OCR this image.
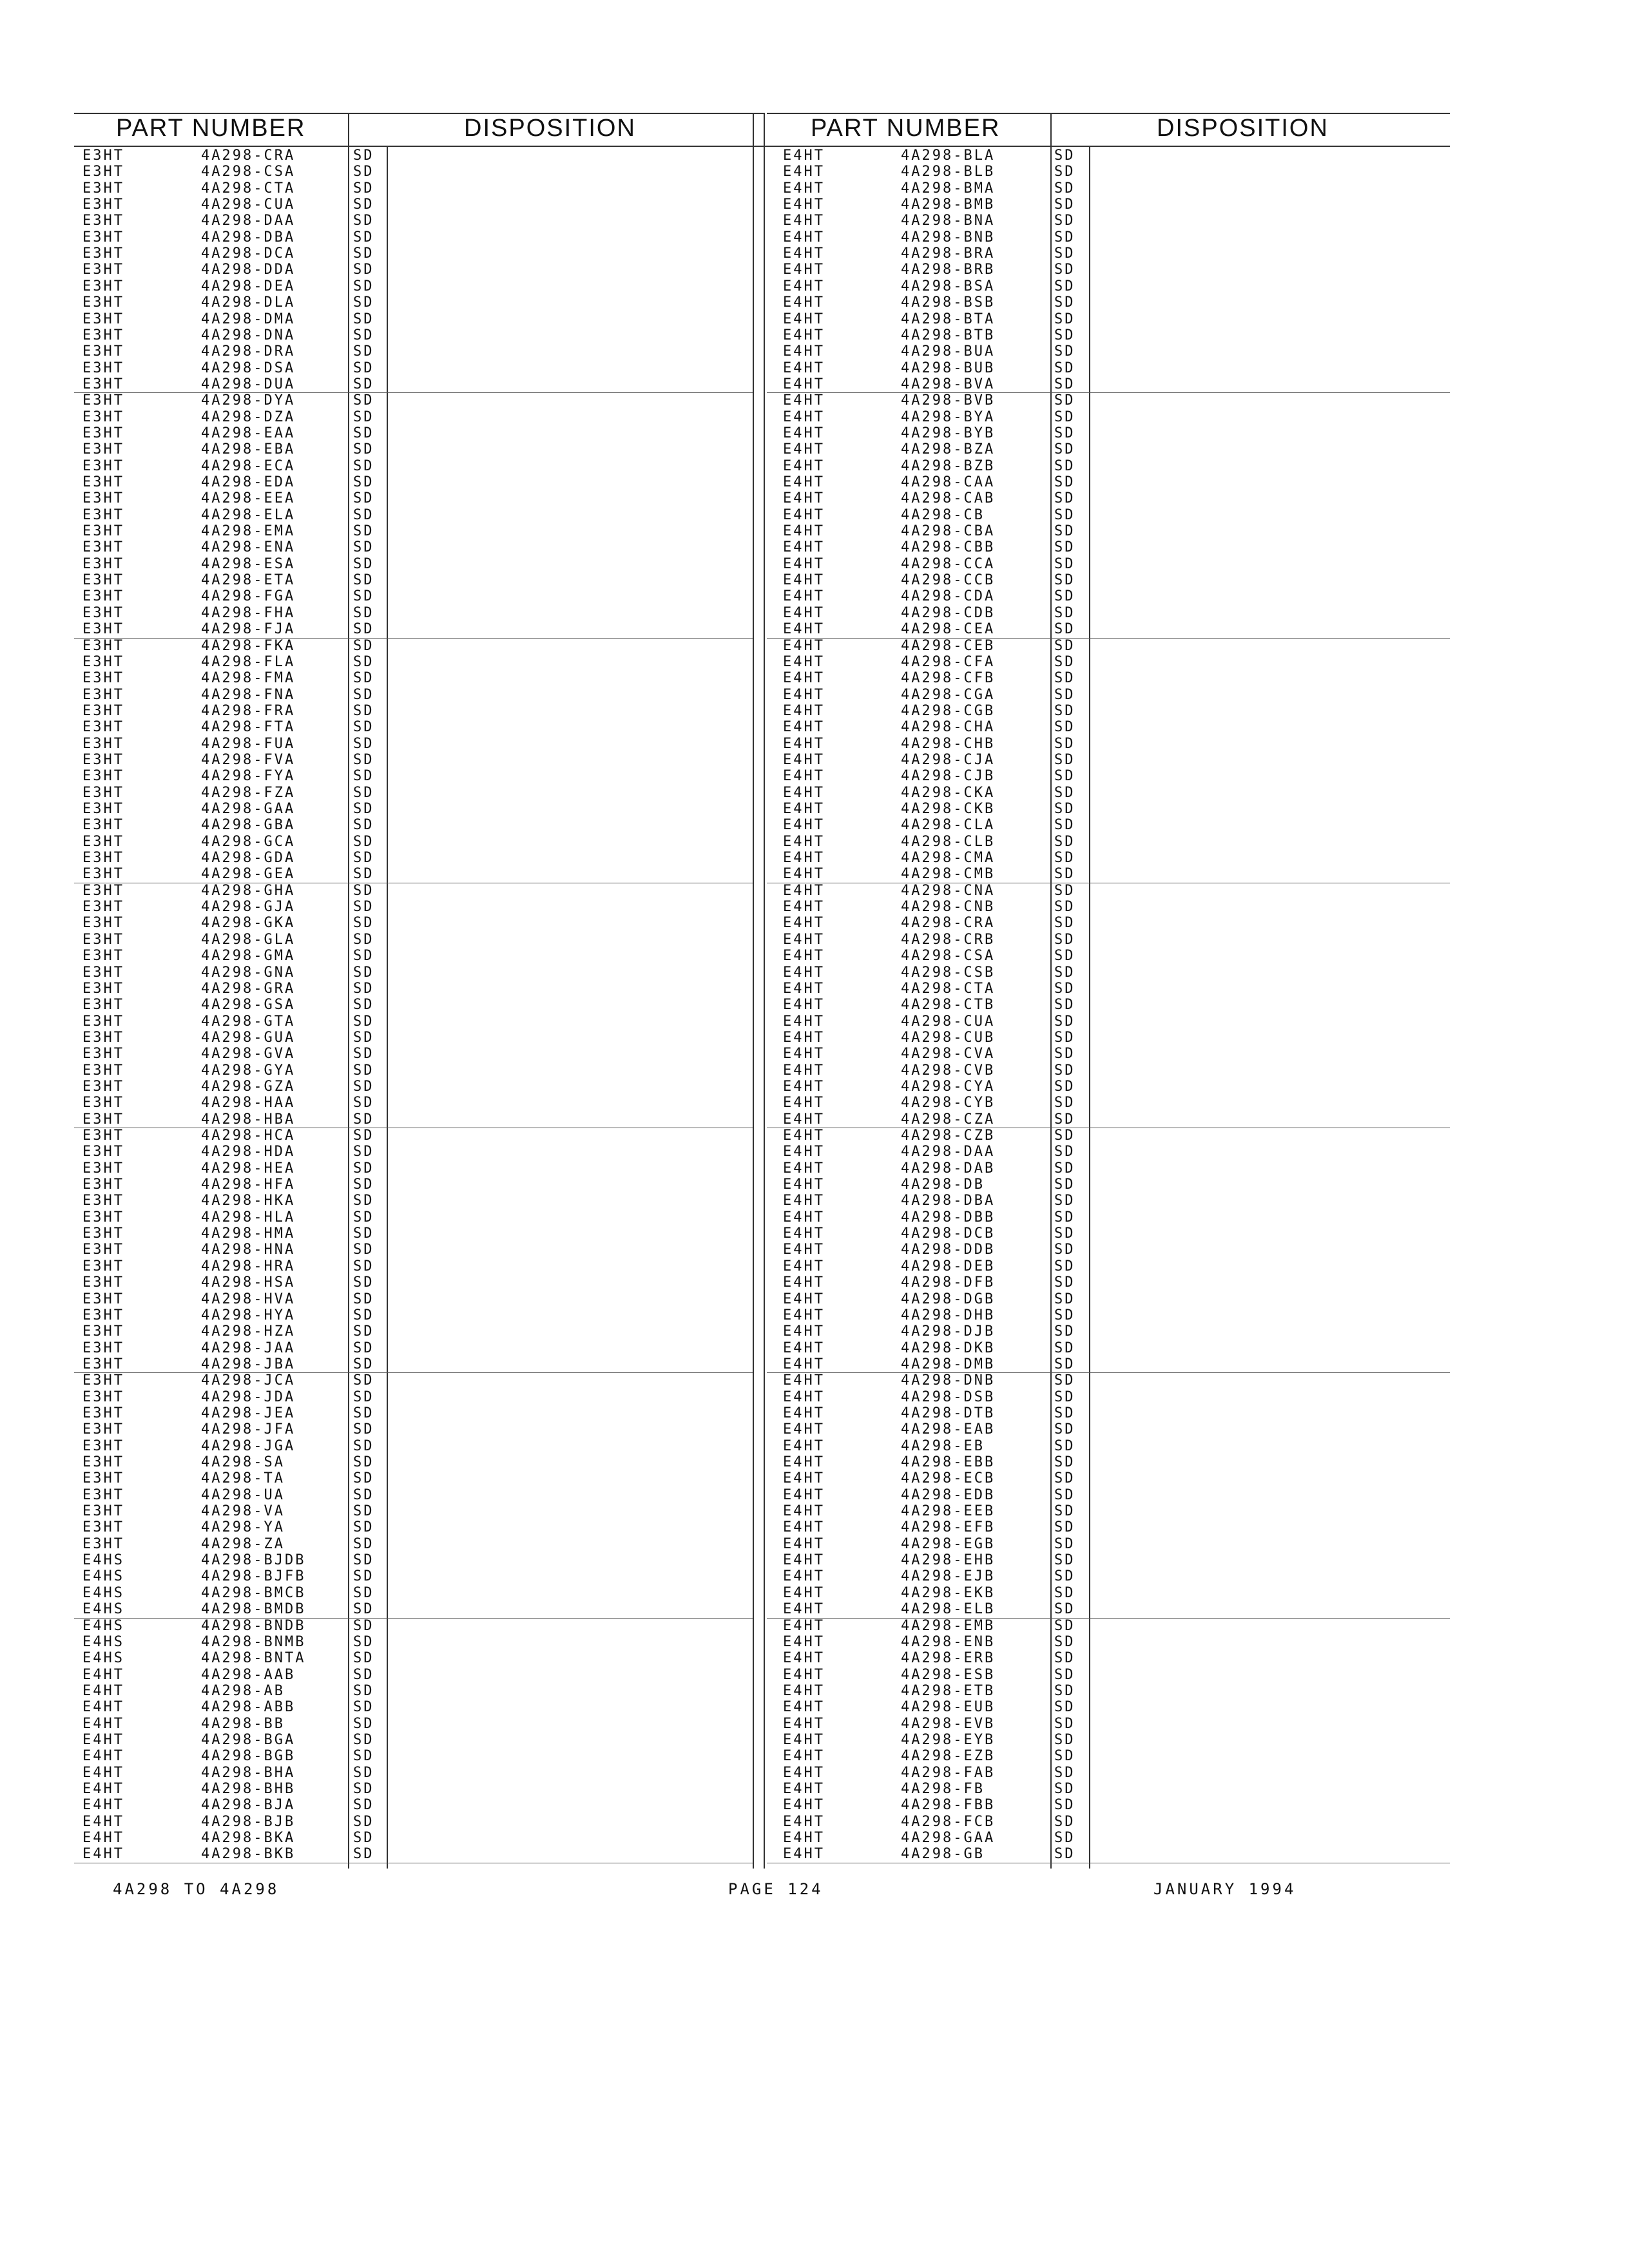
PART NUMBER	DISPOSITION	PART NUMBER	DISPOSITION
E3HT	4A298-CRA	SD
E3HT	4A298-CSA	SD
E3HT	4A298-CTA	SD
E3HT	4A298-CUA	SD
E3HT	4A298-DAA	SD
E3HT	4A298-DBA	SD
E3HT	4A298-DCA	SD
E3HT	4A298-DDA	SD
E3HT	4A298-DEA	SD
E3HT	4A298-DLA	SD
E3HT	4A298-DMA	SD
E3HT	4A298-DNA	SD
E3HT	4A298-DRA	SD
E3HT	4A298-DSA	SD
E3HT	4A298-DUA	SD
E3HT	4A298-DYA	SD
E3HT	4A298-DZA	SD
E3HT	4A298-EAA	SD
E3HT	4A298-EBA	SD
E3HT	4A298-ECA	SD
E3HT	4A298-EDA	SD
E3HT	4A298-EEA	SD
E3HT	4A298-ELA	SD
E3HT	4A298-EMA	SD
E3HT	4A298-ENA	SD
E3HT	4A298-ESA	SD
E3HT	4A298-ETA	SD
E3HT	4A298-FGA	SD
E3HT	4A298-FHA	SD
E3HT	4A298-FJA	SD
E3HT	4A298-FKA	SD
E3HT	4A298-FLA	SD
E3HT	4A298-FMA	SD
E3HT	4A298-FNA	SD
E3HT	4A298-FRA	SD
E3HT	4A298-FTA	SD
E3HT	4A298-FUA	SD
E3HT	4A298-FVA	SD
E3HT	4A298-FYA	SD
E3HT	4A298-FZA	SD
E3HT	4A298-GAA	SD
E3HT	4A298-GBA	SD
E3HT	4A298-GCA	SD
E3HT	4A298-GDA	SD
E3HT	4A298-GEA	SD
E3HT	4A298-GHA	SD
E3HT	4A298-GJA	SD
E3HT	4A298-GKA	SD
E3HT	4A298-GLA	SD
E3HT	4A298-GMA	SD
E3HT	4A298-GNA	SD
E3HT	4A298-GRA	SD
E3HT	4A298-GSA	SD
E3HT	4A298-GTA	SD
E3HT	4A298-GUA	SD
E3HT	4A298-GVA	SD
E3HT	4A298-GYA	SD
E3HT	4A298-GZA	SD
E3HT	4A298-HAA	SD
E3HT	4A298-HBA	SD
E3HT	4A298-HCA	SD
E3HT	4A298-HDA	SD
E3HT	4A298-HEA	SD
E3HT	4A298-HFA	SD
E3HT	4A298-HKA	SD
E3HT	4A298-HLA	SD
E3HT	4A298-HMA	SD
E3HT	4A298-HNA	SD
E3HT	4A298-HRA	SD
E3HT	4A298-HSA	SD
E3HT	4A298-HVA	SD
E3HT	4A298-HYA	SD
E3HT	4A298-HZA	SD
E3HT	4A298-JAA	SD
E3HT	4A298-JBA	SD
E3HT	4A298-JCA	SD
E3HT	4A298-JDA	SD
E3HT	4A298-JEA	SD
E3HT	4A298-JFA	SD
E3HT	4A298-JGA	SD
E3HT	4A298-SA	SD
E3HT	4A298-TA	SD
E3HT	4A298-UA	SD
E3HT	4A298-VA	SD
E3HT	4A298-YA	SD
E3HT	4A298-ZA	SD
E4HS	4A298-BJDB	SD
E4HS	4A298-BJFB	SD
E4HS	4A298-BMCB	SD
E4HS	4A298-BMDB	SD
E4HS	4A298-BNDB	SD
E4HS	4A298-BNMB	SD
E4HS	4A298-BNTA	SD
E4HT	4A298-AAB	SD
E4HT	4A298-AB	SD
E4HT	4A298-ABB	SD
E4HT	4A298-BB	SD
E4HT	4A298-BGA	SD
E4HT	4A298-BGB	SD
E4HT	4A298-BHA	SD
E4HT	4A298-BHB	SD
E4HT	4A298-BJA	SD
E4HT	4A298-BJB	SD
E4HT	4A298-BKA	SD
E4HT	4A298-BKB	SD
E4HT	4A298-BLA	SD
E4HT	4A298-BLB	SD
E4HT	4A298-BMA	SD
E4HT	4A298-BMB	SD
E4HT	4A298-BNA	SD
E4HT	4A298-BNB	SD
E4HT	4A298-BRA	SD
E4HT	4A298-BRB	SD
E4HT	4A298-BSA	SD
E4HT	4A298-BSB	SD
E4HT	4A298-BTA	SD
E4HT	4A298-BTB	SD
E4HT	4A298-BUA	SD
E4HT	4A298-BUB	SD
E4HT	4A298-BVA	SD
E4HT	4A298-BVB	SD
E4HT	4A298-BYA	SD
E4HT	4A298-BYB	SD
E4HT	4A298-BZA	SD
E4HT	4A298-BZB	SD
E4HT	4A298-CAA	SD
E4HT	4A298-CAB	SD
E4HT	4A298-CB	SD
E4HT	4A298-CBA	SD
E4HT	4A298-CBB	SD
E4HT	4A298-CCA	SD
E4HT	4A298-CCB	SD
E4HT	4A298-CDA	SD
E4HT	4A298-CDB	SD
E4HT	4A298-CEA	SD
E4HT	4A298-CEB	SD
E4HT	4A298-CFA	SD
E4HT	4A298-CFB	SD
E4HT	4A298-CGA	SD
E4HT	4A298-CGB	SD
E4HT	4A298-CHA	SD
E4HT	4A298-CHB	SD
E4HT	4A298-CJA	SD
E4HT	4A298-CJB	SD
E4HT	4A298-CKA	SD
E4HT	4A298-CKB	SD
E4HT	4A298-CLA	SD
E4HT	4A298-CLB	SD
E4HT	4A298-CMA	SD
E4HT	4A298-CMB	SD
E4HT	4A298-CNA	SD
E4HT	4A298-CNB	SD
E4HT	4A298-CRA	SD
E4HT	4A298-CRB	SD
E4HT	4A298-CSA	SD
E4HT	4A298-CSB	SD
E4HT	4A298-CTA	SD
E4HT	4A298-CTB	SD
E4HT	4A298-CUA	SD
E4HT	4A298-CUB	SD
E4HT	4A298-CVA	SD
E4HT	4A298-CVB	SD
E4HT	4A298-CYA	SD
E4HT	4A298-CYB	SD
E4HT	4A298-CZA	SD
E4HT	4A298-CZB	SD
E4HT	4A298-DAA	SD
E4HT	4A298-DAB	SD
E4HT	4A298-DB	SD
E4HT	4A298-DBA	SD
E4HT	4A298-DBB	SD
E4HT	4A298-DCB	SD
E4HT	4A298-DDB	SD
E4HT	4A298-DEB	SD
E4HT	4A298-DFB	SD
E4HT	4A298-DGB	SD
E4HT	4A298-DHB	SD
E4HT	4A298-DJB	SD
E4HT	4A298-DKB	SD
E4HT	4A298-DMB	SD
E4HT	4A298-DNB	SD
E4HT	4A298-DSB	SD
E4HT	4A298-DTB	SD
E4HT	4A298-EAB	SD
E4HT	4A298-EB	SD
E4HT	4A298-EBB	SD
E4HT	4A298-ECB	SD
E4HT	4A298-EDB	SD
E4HT	4A298-EEB	SD
E4HT	4A298-EFB	SD
E4HT	4A298-EGB	SD
E4HT	4A298-EHB	SD
E4HT	4A298-EJB	SD
E4HT	4A298-EKB	SD
E4HT	4A298-ELB	SD
E4HT	4A298-EMB	SD
E4HT	4A298-ENB	SD
E4HT	4A298-ERB	SD
E4HT	4A298-ESB	SD
E4HT	4A298-ETB	SD
E4HT	4A298-EUB	SD
E4HT	4A298-EVB	SD
E4HT	4A298-EYB	SD
E4HT	4A298-EZB	SD
E4HT	4A298-FAB	SD
E4HT	4A298-FB	SD
E4HT	4A298-FBB	SD
E4HT	4A298-FCB	SD
E4HT	4A298-GAA	SD
E4HT	4A298-GB	SD
4A298 TO 4A298	PAGE 124	JANUARY 1994
